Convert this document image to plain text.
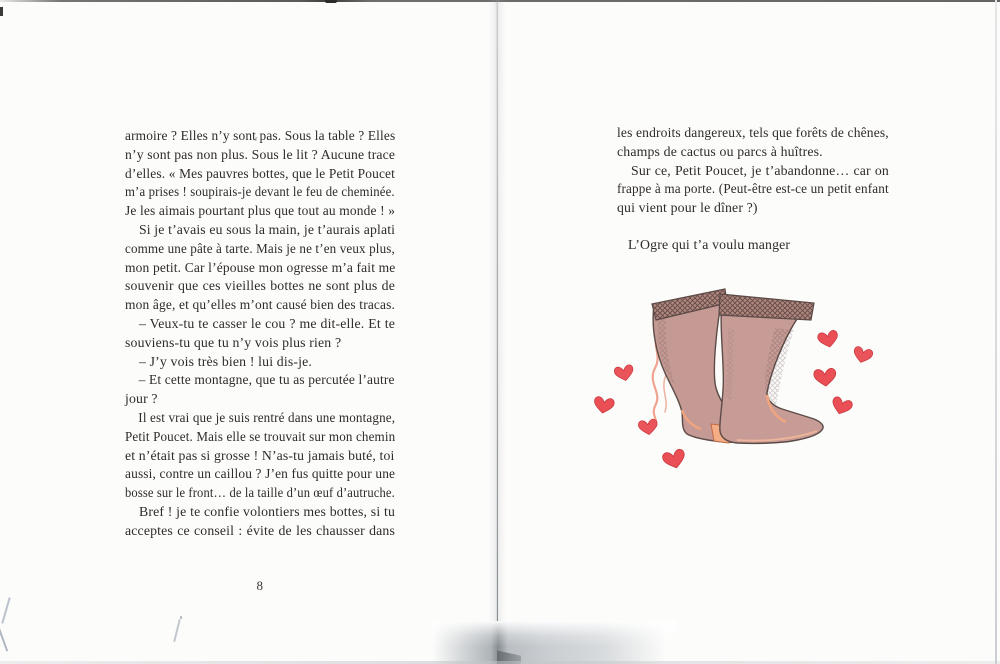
armoire ? Elles n’y sont pas. Sous la table ? Elles
n’y sont pas non plus. Sous le lit ? Aucune trace
d’elles. « Mes pauvres bottes, que le Petit Poucet
m’a prises ! soupirais-je devant le feu de cheminée.
Je les aimais pourtant plus que tout au monde ! »
Si je t’avais eu sous la main, je t’aurais aplati
comme une pâte à tarte. Mais je ne t’en veux plus,
mon petit. Car l’épouse mon ogresse m’a fait me
souvenir que ces vieilles bottes ne sont plus de
mon âge, et qu’elles m’ont causé bien des tracas.
– Veux-tu te casser le cou ? me dit-elle. Et te
souviens-tu que tu n’y vois plus rien ?
– J’y vois très bien ! lui dis-je.
– Et cette montagne, que tu as percutée l’autre
jour ?
Il est vrai que je suis rentré dans une montagne,
Petit Poucet. Mais elle se trouvait sur mon chemin
et n’était pas si grosse ! N’as-tu jamais buté, toi
aussi, contre un caillou ? J’en fus quitte pour une
bosse sur le front… de la taille d’un œuf d’autruche.
Bref ! je te confie volontiers mes bottes, si tu
acceptes ce conseil : évite de les chausser dans
8
les endroits dangereux, tels que forêts de chênes,
champs de cactus ou parcs à huîtres.
Sur ce, Petit Poucet, je t’abandonne… car on
frappe à ma porte. (Peut-être est-ce un petit enfant
qui vient pour le dîner ?)
L’Ogre qui t’a voulu manger
